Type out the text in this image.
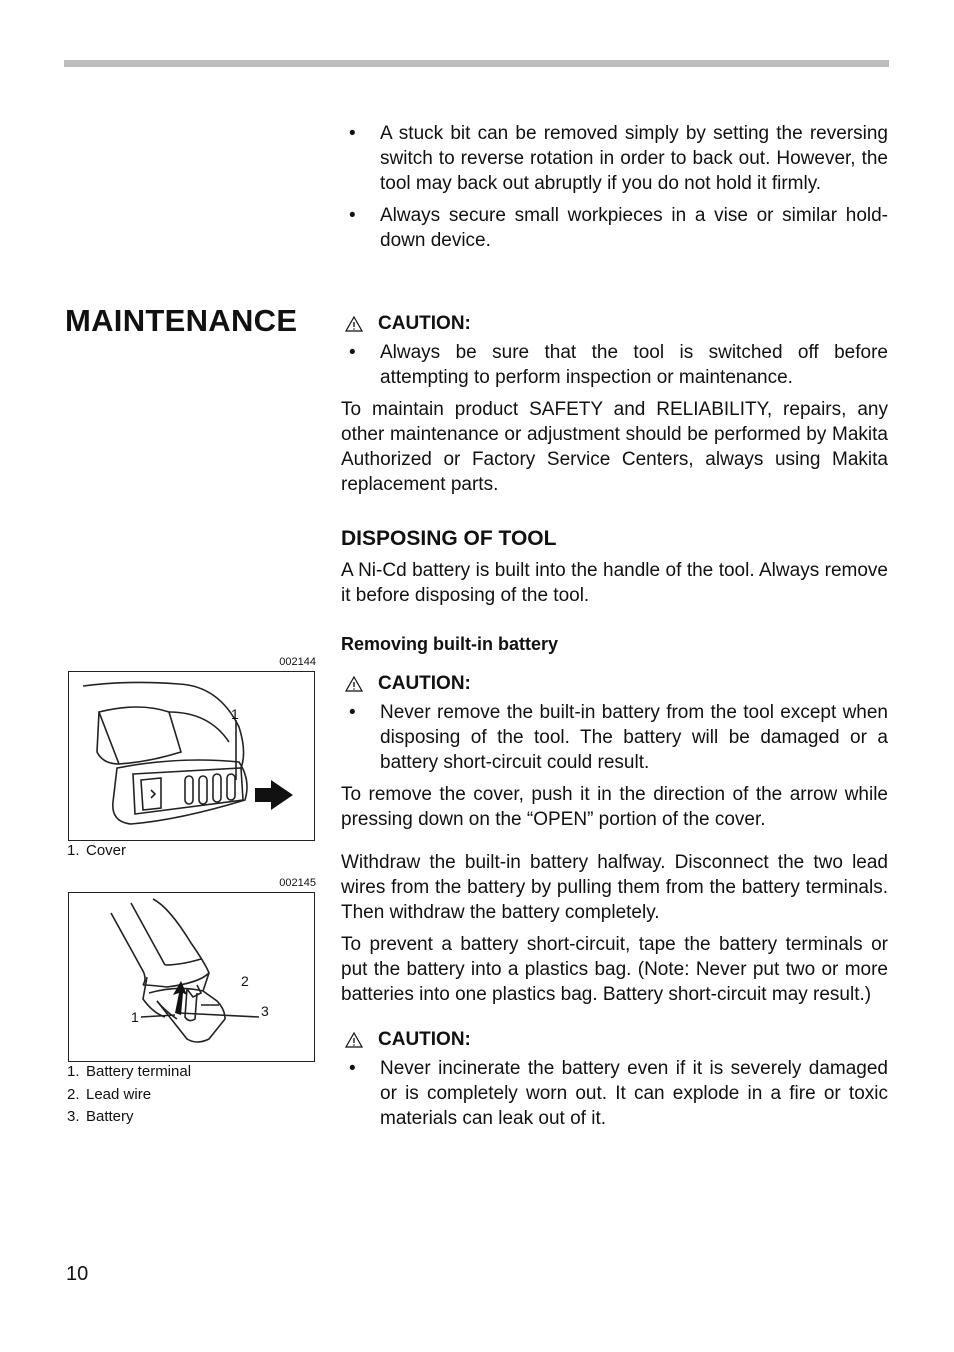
MAINTENANCE
002144
1
1. Cover
002145
2
1	3
1. Battery terminal
2. Lead wire
3. Battery
• A stuck bit can be removed simply by setting the reversing switch to reverse rotation in order to back out. However, the tool may back out abruptly if you do not hold it firmly.
• Always secure small workpieces in a vise or similar hold-down device.
CAUTION:
• Always be sure that the tool is switched off before attempting to perform inspection or maintenance.

To maintain product SAFETY and RELIABILITY, repairs, any other maintenance or adjustment should be performed by Makita Authorized or Factory Service Centers, always using Makita replacement parts.

DISPOSING OF TOOL

A Ni-Cd battery is built into the handle of the tool. Always remove it before disposing of the tool.

Removing built-in battery
CAUTION:
• Never remove the built-in battery from the tool except when disposing of the tool. The battery will be damaged or a battery short-circuit could result.

To remove the cover, push it in the direction of the arrow while pressing down on the “OPEN” portion of the cover.

Withdraw the built-in battery halfway. Disconnect the two lead wires from the battery by pulling them from the battery terminals. Then withdraw the battery completely.

To prevent a battery short-circuit, tape the battery terminals or put the battery into a plastics bag. (Note: Never put two or more batteries into one plastics bag. Battery short-circuit may result.)

CAUTION:
• Never incinerate the battery even if it is severely damaged or is completely worn out. It can explode in a fire or toxic materials can leak out of it.
10
